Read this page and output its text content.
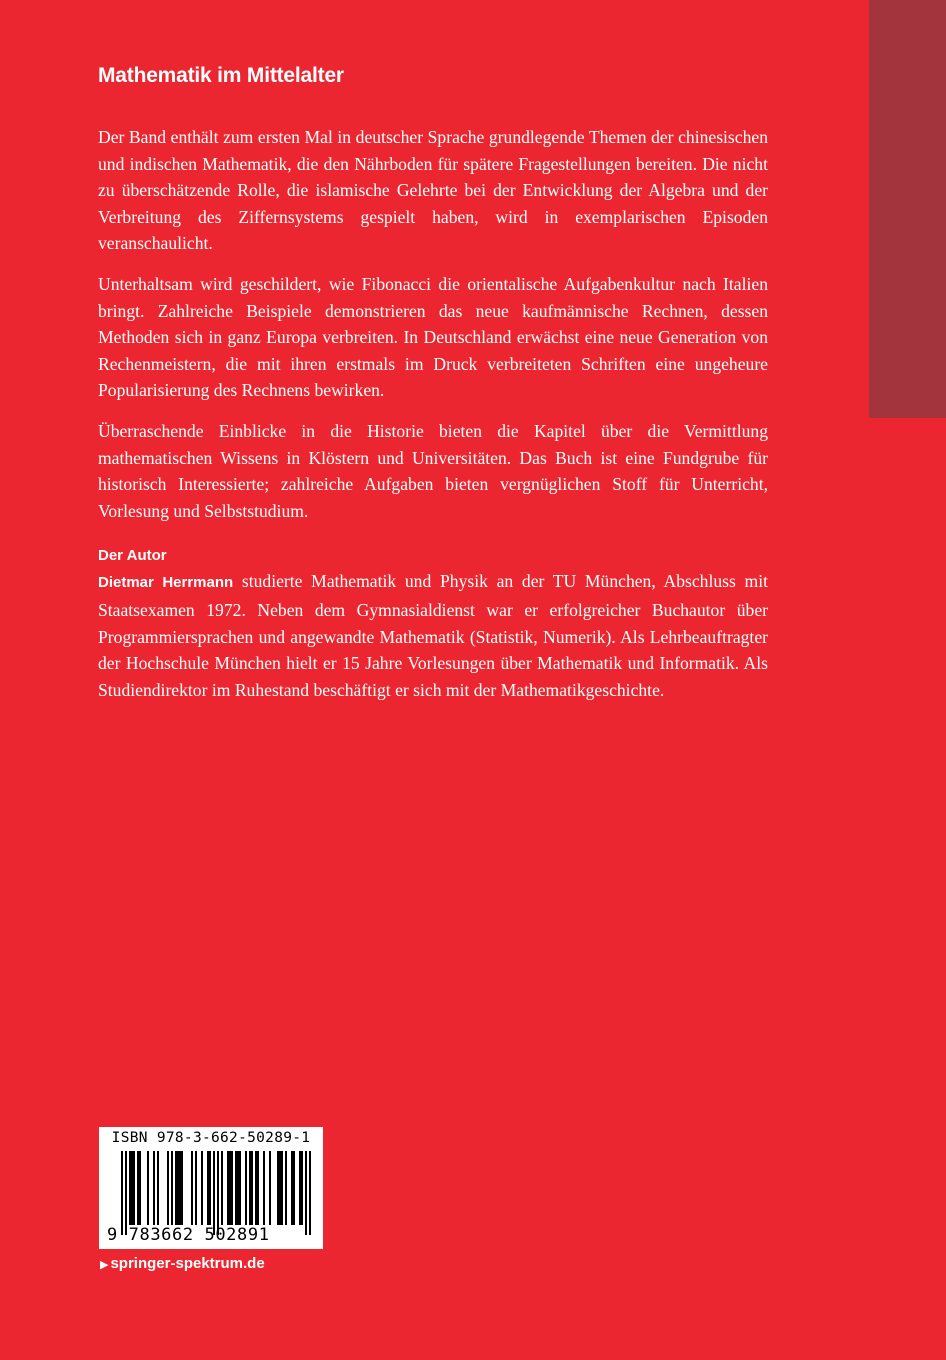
Mathematik im Mittelalter

Der Band enthält zum ersten Mal in deutscher Sprache grundlegende Themen der chinesischen und indischen Mathematik, die den Nährboden für spätere Fragestellungen bereiten. Die nicht zu überschätzende Rolle, die islamische Gelehrte bei der Entwicklung der Algebra und der Verbreitung des Ziffernsystems gespielt haben, wird in exemplarischen Episoden veranschaulicht.

Unterhaltsam wird geschildert, wie Fibonacci die orientalische Aufgabenkultur nach Italien bringt. Zahlreiche Beispiele demonstrieren das neue kaufmännische Rechnen, dessen Methoden sich in ganz Europa verbreiten. In Deutschland erwächst eine neue Generation von Rechenmeistern, die mit ihren erstmals im Druck verbreiteten Schriften eine ungeheure Popularisierung des Rechnens bewirken.

Überraschende Einblicke in die Historie bieten die Kapitel über die Vermittlung mathematischen Wissens in Klöstern und Universitäten. Das Buch ist eine Fundgrube für historisch Interessierte; zahlreiche Aufgaben bieten vergnüglichen Stoff für Unterricht, Vorlesung und Selbststudium.

Der Autor

Dietmar Herrmann studierte Mathematik und Physik an der TU München, Abschluss mit Staatsexamen 1972. Neben dem Gymnasialdienst war er erfolgreicher Buchautor über Programmiersprachen und angewandte Mathematik (Statistik, Numerik). Als Lehrbeauftragter der Hochschule München hielt er 15 Jahre Vorlesungen über Mathematik und Informatik. Als Studiendirektor im Ruhestand beschäftigt er sich mit der Mathematikgeschichte.

ISBN 978-3-662-50289-1
9 783662 502891
▶ springer-spektrum.de
